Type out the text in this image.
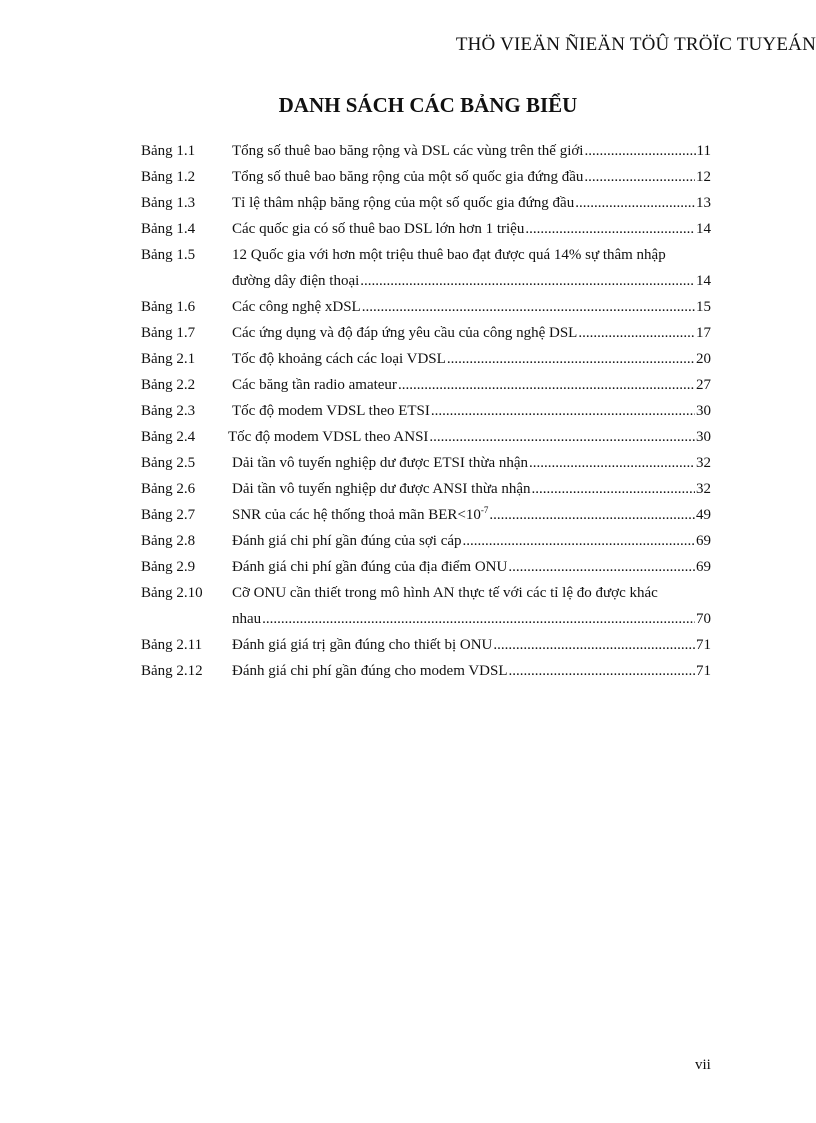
THÖ VIEÄN ÑIEÄN TÖÛ TRÖÏC TUYEÁN
DANH SÁCH CÁC BẢNG BIỂU
Bảng 1.1	Tổng số thuê bao băng rộng và DSL các vùng trên thế giới .....	11
Bảng 1.2	Tổng số thuê bao băng rộng của một số quốc gia đứng đầu .....	12
Bảng 1.3	Tỉ lệ thâm nhập băng rộng của một số quốc gia đứng đầu .....	13
Bảng 1.4	Các quốc gia có số thuê bao DSL lớn hơn 1 triệu .....	14
Bảng 1.5	12 Quốc gia với hơn một triệu thuê bao đạt được quá 14% sự thâm nhập
đường dây điện thoại .....	14
Bảng 1.6	Các công nghệ xDSL .....	15
Bảng 1.7	Các ứng dụng và độ đáp ứng yêu cầu của công nghệ DSL .....	17
Bảng 2.1	Tốc độ khoảng cách các loại VDSL .....	20
Bảng 2.2	Các băng tần radio amateur .....	27
Bảng 2.3	Tốc độ modem VDSL theo ETSI .....	30
Bảng 2.4	Tốc độ modem VDSL theo ANSI .....	30
Bảng 2.5	Dải tần vô tuyến nghiệp dư được ETSI thừa nhận .....	32
Bảng 2.6	Dải tần vô tuyến nghiệp dư được ANSI thừa nhận .....	32
Bảng 2.7	SNR của các hệ thống thoả mãn $BER<10^{-7}$ .....	49
Bảng 2.8	Đánh giá chi phí gần đúng của sợi cáp .....	69
Bảng 2.9	Đánh giá chi phí gần đúng của địa điểm ONU .....	69
Bảng 2.10	Cỡ ONU cần thiết trong mô hình AN thực tế với các tỉ lệ đo được khác
nhau .....	70
Bảng 2.11	Đánh giá giá trị gần đúng cho thiết bị ONU .....	71
Bảng 2.12	Đánh giá chi phí gần đúng cho modem VDSL .....	71
vii
